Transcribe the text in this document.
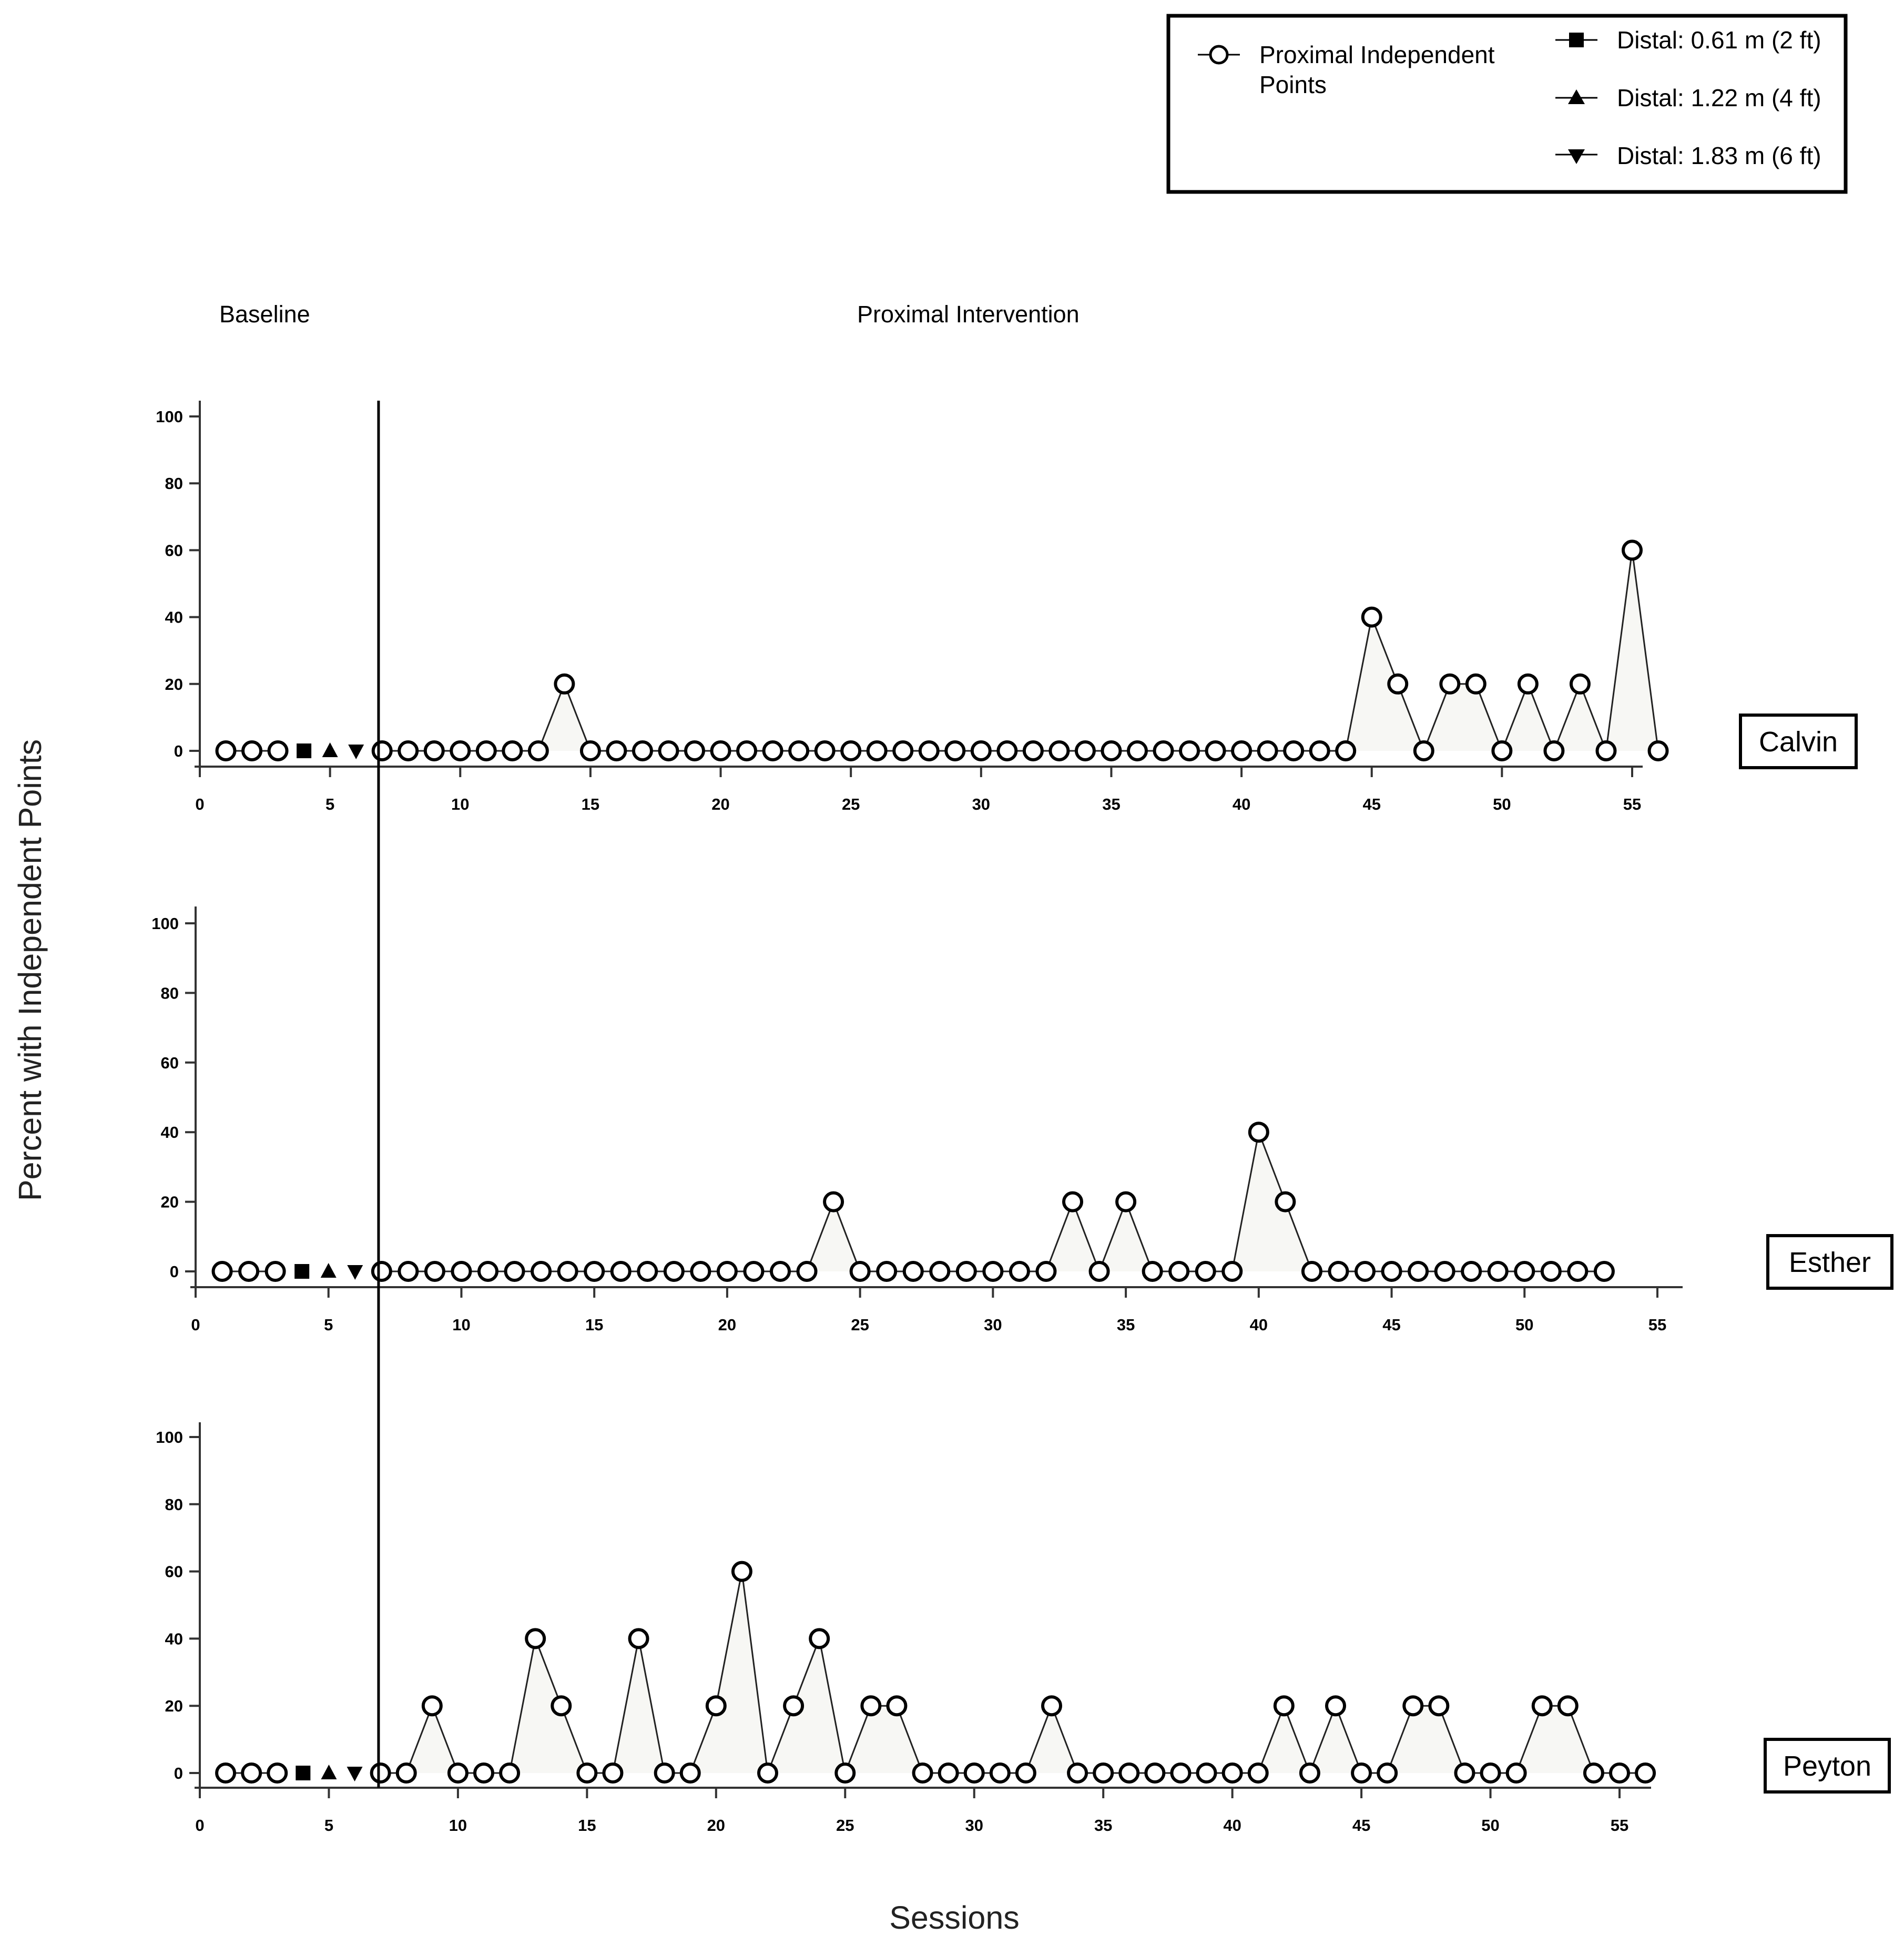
Proximal Independent
Points
Distal: 0.61 m (2 ft)
Distal: 1.22 m (4 ft)
Distal: 1.83 m (6 ft)
Baseline	Proximal Intervention
Percent with Independent Points
Sessions
0
20
40
60
80
100
0	5	10	15	20	25	30	35	40	45	50	55
Calvin
0
20
40
60
80
100
0	5	10	15	20	25	30	35	40	45	50	55
Esther
0
20
40
60
80
100
0	5	10	15	20	25	30	35	40	45	50	55
Peyton
